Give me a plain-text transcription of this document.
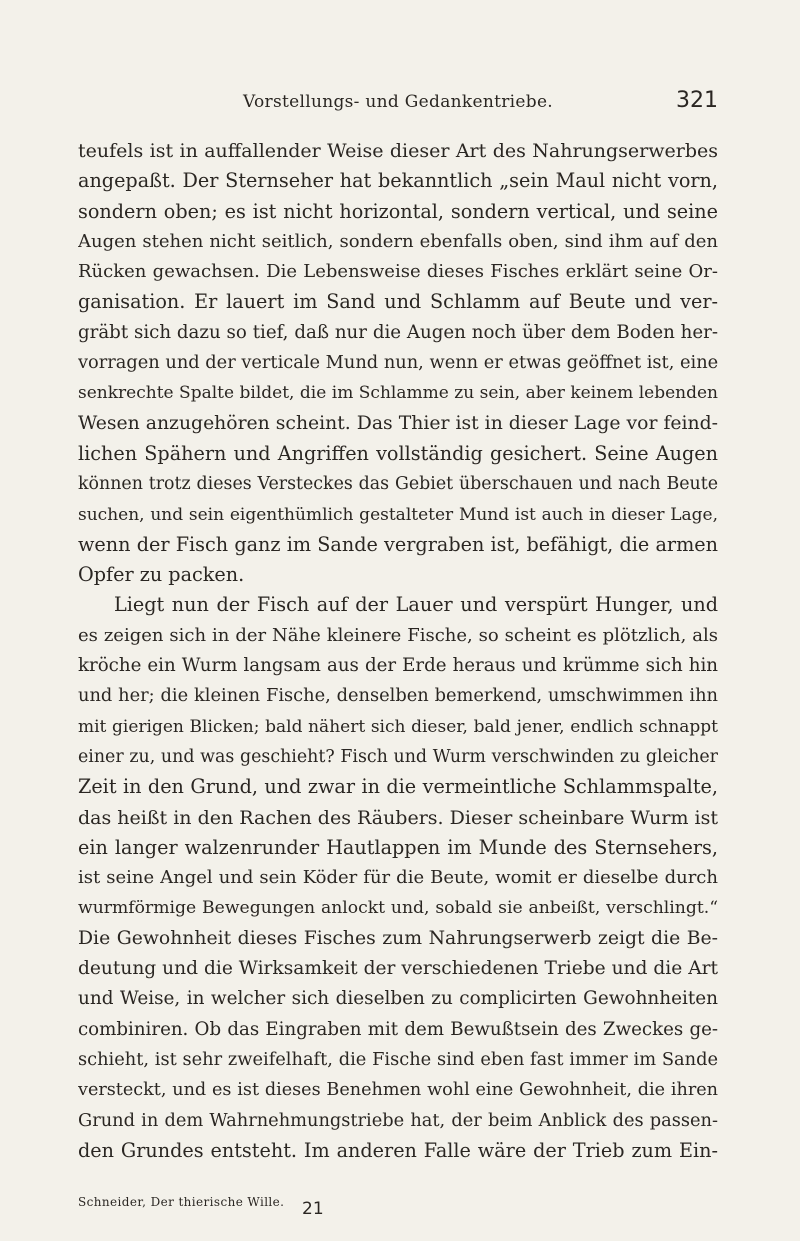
Vorstellungs- und Gedankentriebe.	321
teufels ist in auffallender Weise dieser Art des Nahrungserwerbes
angepaßt. Der Sternseher hat bekanntlich „sein Maul nicht vorn,
sondern oben; es ist nicht horizontal, sondern vertical, und seine
Augen stehen nicht seitlich, sondern ebenfalls oben, sind ihm auf den
Rücken gewachsen. Die Lebensweise dieses Fisches erklärt seine Or-
ganisation. Er lauert im Sand und Schlamm auf Beute und ver-
gräbt sich dazu so tief, daß nur die Augen noch über dem Boden her-
vorragen und der verticale Mund nun, wenn er etwas geöffnet ist, eine
senkrechte Spalte bildet, die im Schlamme zu sein, aber keinem lebenden
Wesen anzugehören scheint. Das Thier ist in dieser Lage vor feind-
lichen Spähern und Angriffen vollständig gesichert. Seine Augen
können trotz dieses Versteckes das Gebiet überschauen und nach Beute
suchen, und sein eigenthümlich gestalteter Mund ist auch in dieser Lage,
wenn der Fisch ganz im Sande vergraben ist, befähigt, die armen
Opfer zu packen.
Liegt nun der Fisch auf der Lauer und verspürt Hunger, und
es zeigen sich in der Nähe kleinere Fische, so scheint es plötzlich, als
kröche ein Wurm langsam aus der Erde heraus und krümme sich hin
und her; die kleinen Fische, denselben bemerkend, umschwimmen ihn
mit gierigen Blicken; bald nähert sich dieser, bald jener, endlich schnappt
einer zu, und was geschieht? Fisch und Wurm verschwinden zu gleicher
Zeit in den Grund, und zwar in die vermeintliche Schlammspalte,
das heißt in den Rachen des Räubers. Dieser scheinbare Wurm ist
ein langer walzenrunder Hautlappen im Munde des Sternsehers,
ist seine Angel und sein Köder für die Beute, womit er dieselbe durch
wurmförmige Bewegungen anlockt und, sobald sie anbeißt, verschlingt.“
Die Gewohnheit dieses Fisches zum Nahrungserwerb zeigt die Be-
deutung und die Wirksamkeit der verschiedenen Triebe und die Art
und Weise, in welcher sich dieselben zu complicirten Gewohnheiten
combiniren. Ob das Eingraben mit dem Bewußtsein des Zweckes ge-
schieht, ist sehr zweifelhaft, die Fische sind eben fast immer im Sande
versteckt, und es ist dieses Benehmen wohl eine Gewohnheit, die ihren
Grund in dem Wahrnehmungstriebe hat, der beim Anblick des passen-
den Grundes entsteht. Im anderen Falle wäre der Trieb zum Ein-
Schneider, Der thierische Wille. 21
